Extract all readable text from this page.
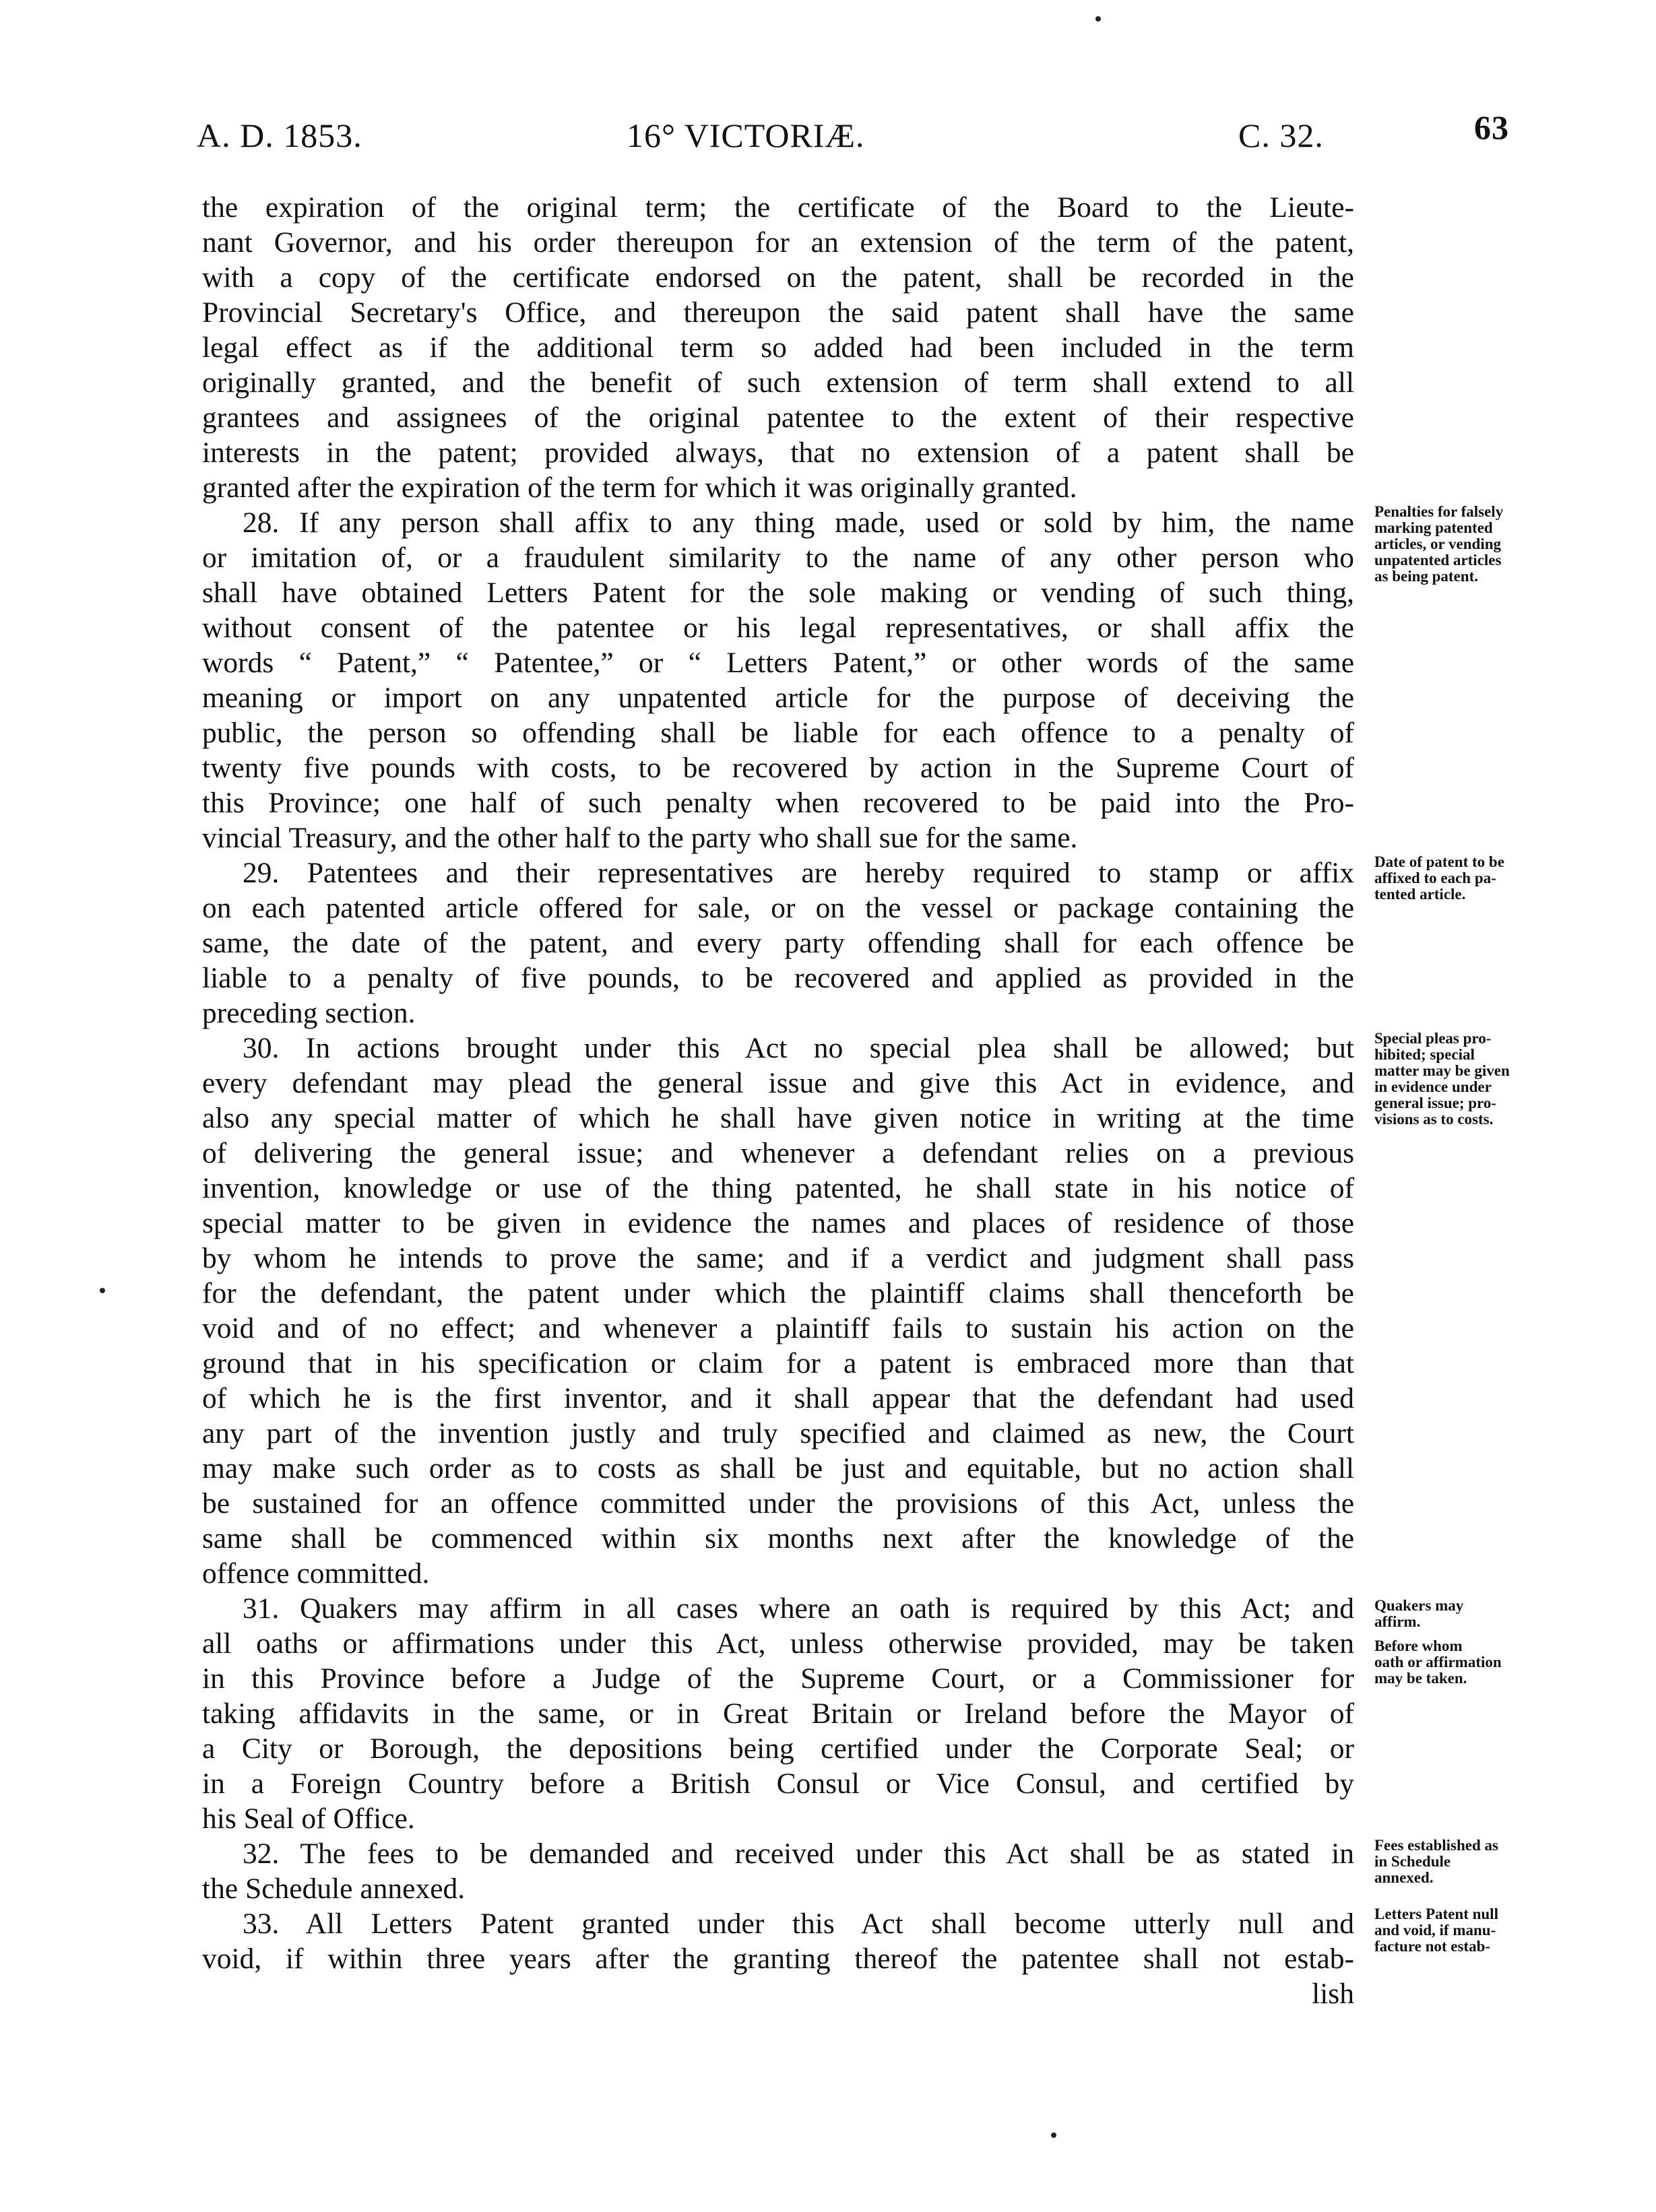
A. D. 1853.	16° VICTORIÆ.	C. 32.	63
the expiration of the original term; the certificate of the Board to the Lieute-
nant Governor, and his order thereupon for an extension of the term of the patent,
with a copy of the certificate endorsed on the patent, shall be recorded in the
Provincial Secretary's Office, and thereupon the said patent shall have the same
legal effect as if the additional term so added had been included in the term
originally granted, and the benefit of such extension of term shall extend to all
grantees and assignees of the original patentee to the extent of their respective
interests in the patent; provided always, that no extension of a patent shall be
granted after the expiration of the term for which it was originally granted.
28. If any person shall affix to any thing made, used or sold by him, the name
or imitation of, or a fraudulent similarity to the name of any other person who
shall have obtained Letters Patent for the sole making or vending of such thing,
without consent of the patentee or his legal representatives, or shall affix the
words “ Patent,” “ Patentee,” or “ Letters Patent,” or other words of the same
meaning or import on any unpatented article for the purpose of deceiving the
public, the person so offending shall be liable for each offence to a penalty of
twenty five pounds with costs, to be recovered by action in the Supreme Court of
this Province; one half of such penalty when recovered to be paid into the Pro-
vincial Treasury, and the other half to the party who shall sue for the same.
29. Patentees and their representatives are hereby required to stamp or affix
on each patented article offered for sale, or on the vessel or package containing the
same, the date of the patent, and every party offending shall for each offence be
liable to a penalty of five pounds, to be recovered and applied as provided in the
preceding section.
30. In actions brought under this Act no special plea shall be allowed; but
every defendant may plead the general issue and give this Act in evidence, and
also any special matter of which he shall have given notice in writing at the time
of delivering the general issue; and whenever a defendant relies on a previous
invention, knowledge or use of the thing patented, he shall state in his notice of
special matter to be given in evidence the names and places of residence of those
by whom he intends to prove the same; and if a verdict and judgment shall pass
for the defendant, the patent under which the plaintiff claims shall thenceforth be
void and of no effect; and whenever a plaintiff fails to sustain his action on the
ground that in his specification or claim for a patent is embraced more than that
of which he is the first inventor, and it shall appear that the defendant had used
any part of the invention justly and truly specified and claimed as new, the Court
may make such order as to costs as shall be just and equitable, but no action shall
be sustained for an offence committed under the provisions of this Act, unless the
same shall be commenced within six months next after the knowledge of the
offence committed.
31. Quakers may affirm in all cases where an oath is required by this Act; and
all oaths or affirmations under this Act, unless otherwise provided, may be taken
in this Province before a Judge of the Supreme Court, or a Commissioner for
taking affidavits in the same, or in Great Britain or Ireland before the Mayor of
a City or Borough, the depositions being certified under the Corporate Seal; or
in a Foreign Country before a British Consul or Vice Consul, and certified by
his Seal of Office.
32. The fees to be demanded and received under this Act shall be as stated in
the Schedule annexed.
33. All Letters Patent granted under this Act shall become utterly null and
void, if within three years after the granting thereof the patentee shall not estab-
lish
Penalties for falsely
marking patented
articles, or vending
unpatented articles
as being patent.
Date of patent to be
affixed to each pa-
tented article.
Special pleas pro-
hibited; special
matter may be given
in evidence under
general issue; pro-
visions as to costs.
Quakers may
affirm.
Before whom
oath or affirmation
may be taken.
Fees established as
in Schedule
annexed.
Letters Patent null
and void, if manu-
facture not estab-
